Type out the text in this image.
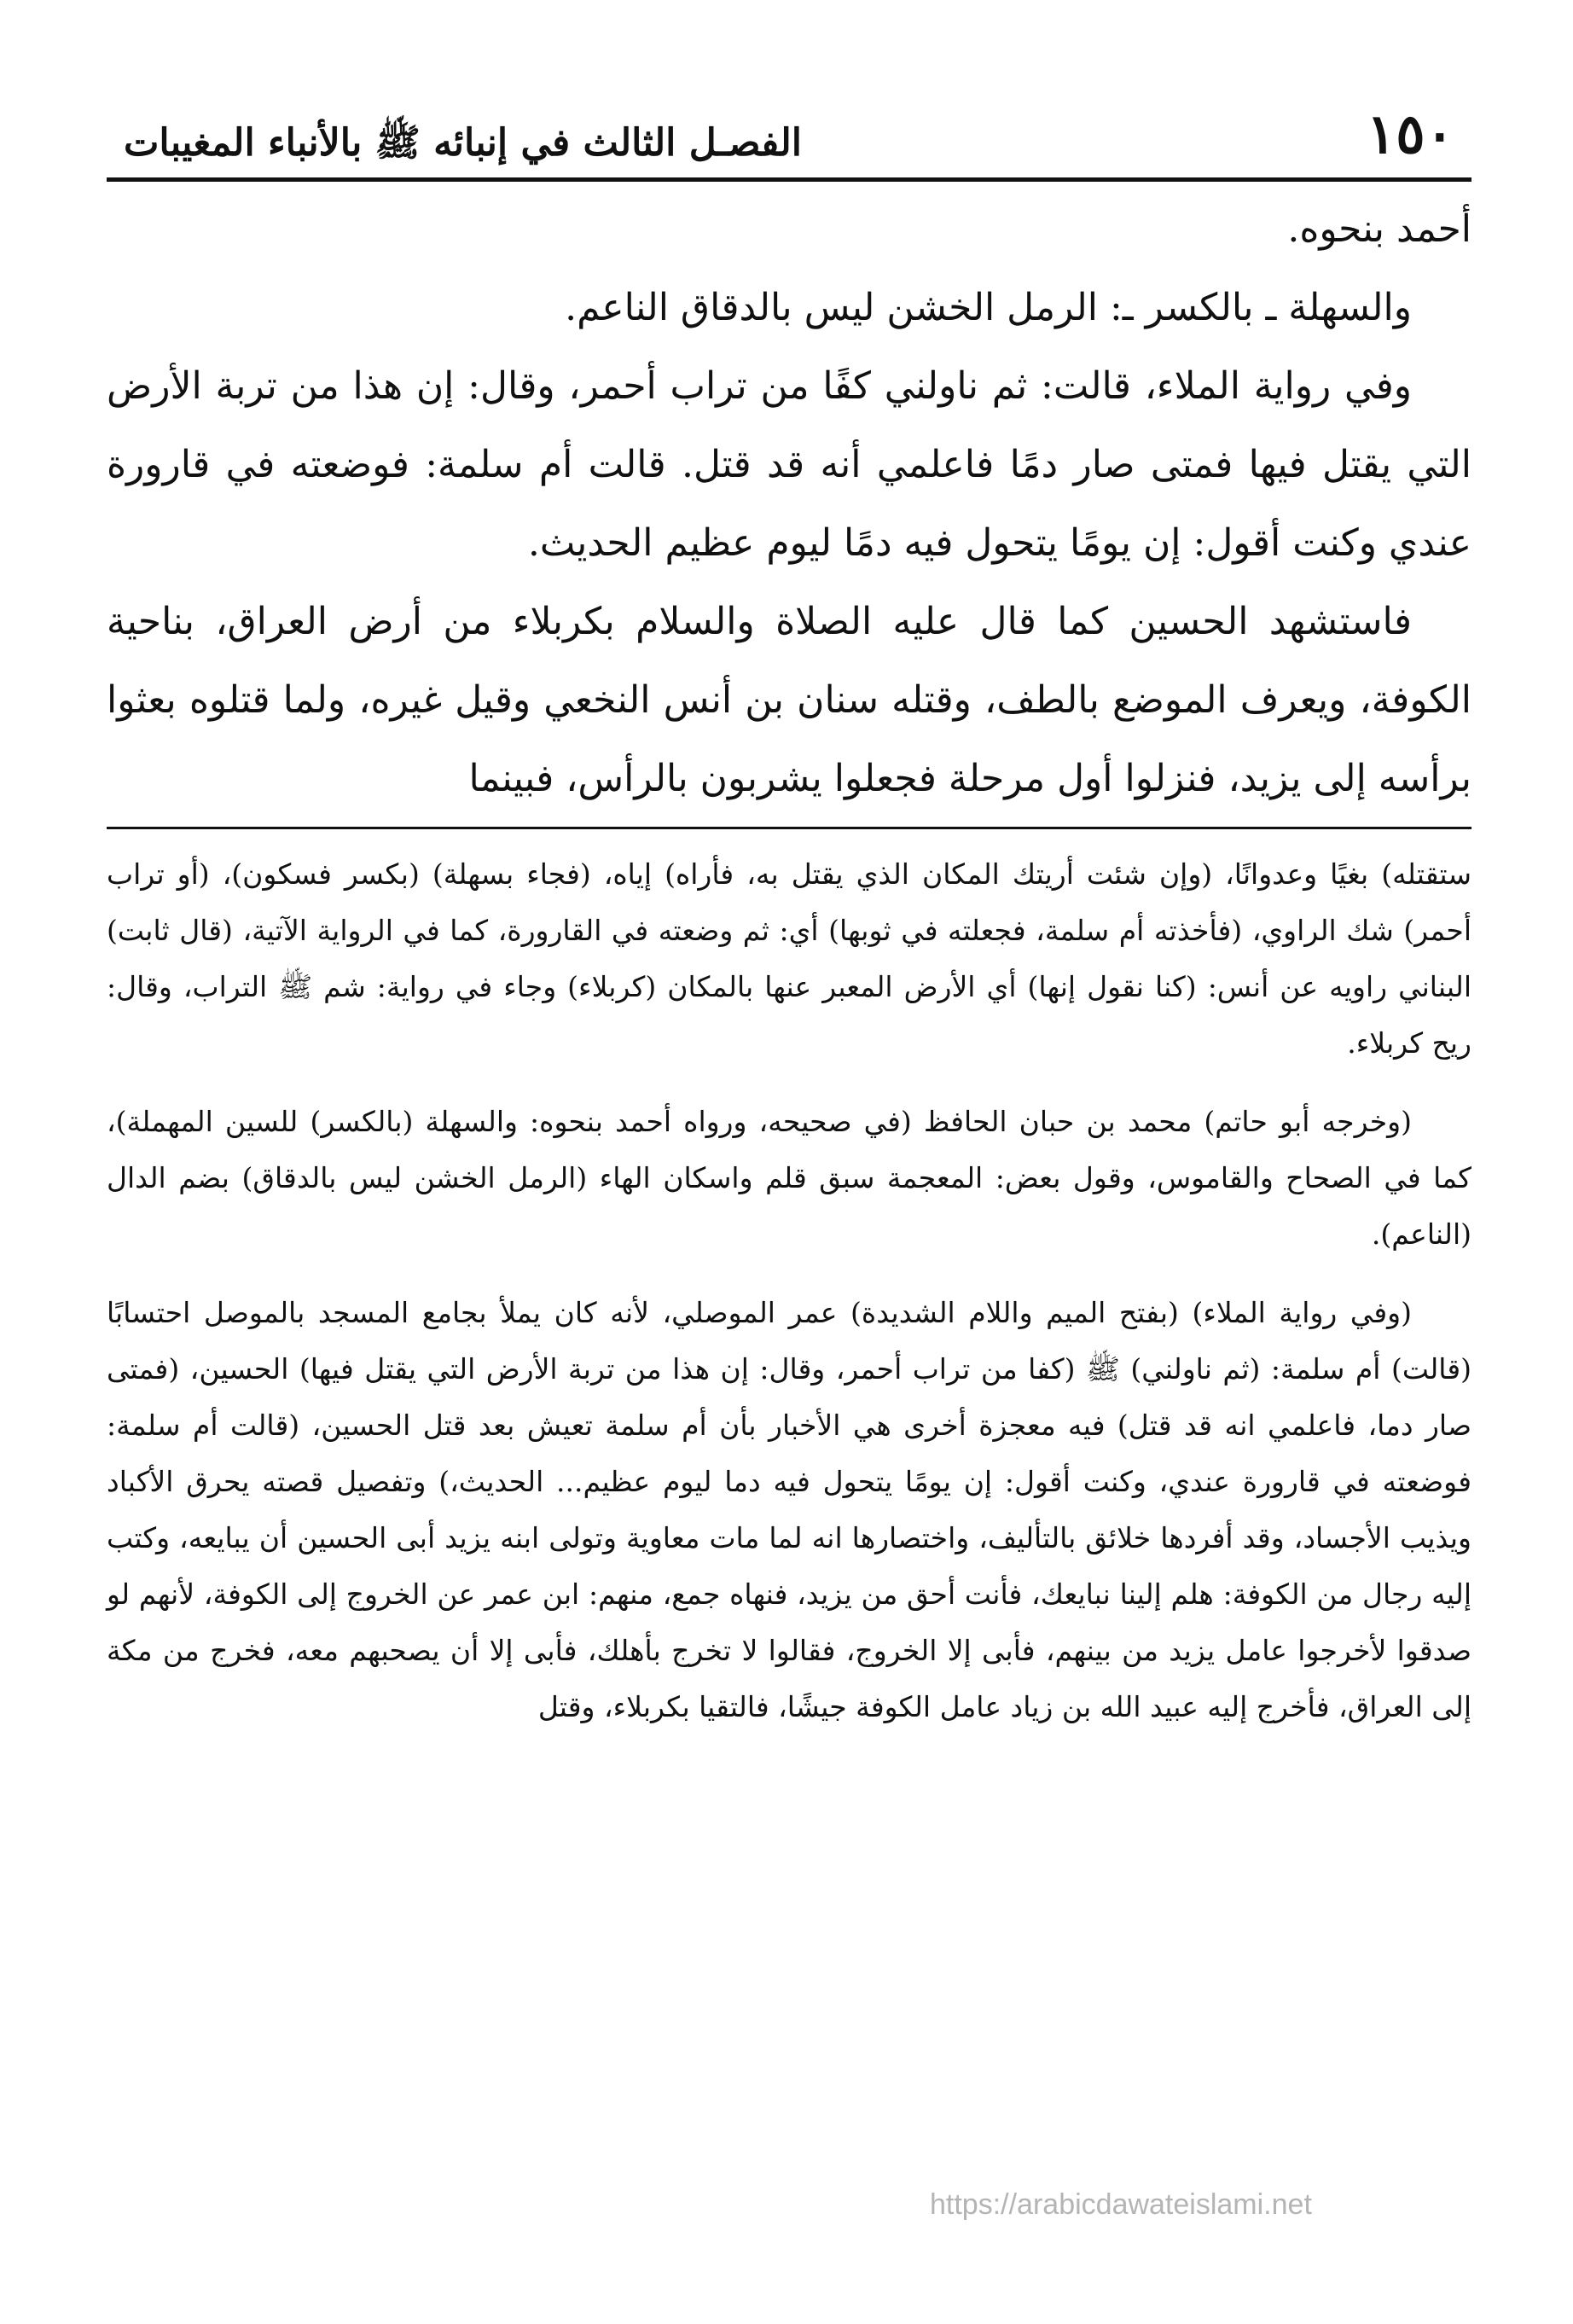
١٥٠
الفصـل الثالث في إنبائه ﷺ بالأنباء المغيبات

أحمد بنحوه.

والسهلة ـ بالكسر ـ: الرمل الخشن ليس بالدقاق الناعم.

وفي رواية الملاء، قالت: ثم ناولني كفًا من تراب أحمر، وقال: إن هذا من تربة الأرض التي يقتل فيها فمتى صار دمًا فاعلمي أنه قد قتل. قالت أم سلمة: فوضعته في قارورة عندي وكنت أقول: إن يومًا يتحول فيه دمًا ليوم عظيم الحديث.

فاستشهد الحسين كما قال عليه الصلاة والسلام بكربلاء من أرض العراق، بناحية الكوفة، ويعرف الموضع بالطف، وقتله سنان بن أنس النخعي وقيل غيره، ولما قتلوه بعثوا برأسه إلى يزيد، فنزلوا أول مرحلة فجعلوا يشربون بالرأس، فبينما

ستقتله) بغيًا وعدوانًا، (وإن شئت أريتك المكان الذي يقتل به، فأراه) إياه، (فجاء بسهلة) (بكسر فسكون)، (أو تراب أحمر) شك الراوي، (فأخذته أم سلمة، فجعلته في ثوبها) أي: ثم وضعته في القارورة، كما في الرواية الآتية، (قال ثابت) البناني راويه عن أنس: (كنا نقول إنها) أي الأرض المعبر عنها بالمكان (كربلاء) وجاء في رواية: شم ﷺ التراب، وقال: ريح كربلاء.

(وخرجه أبو حاتم) محمد بن حبان الحافظ (في صحيحه، ورواه أحمد بنحوه: والسهلة (بالكسر) للسين المهملة)، كما في الصحاح والقاموس، وقول بعض: المعجمة سبق قلم واسكان الهاء (الرمل الخشن ليس بالدقاق) بضم الدال (الناعم).

(وفي رواية الملاء) (بفتح الميم واللام الشديدة) عمر الموصلي، لأنه كان يملأ بجامع المسجد بالموصل احتسابًا (قالت) أم سلمة: (ثم ناولني) ﷺ (كفا من تراب أحمر، وقال: إن هذا من تربة الأرض التي يقتل فيها) الحسين، (فمتى صار دما، فاعلمي انه قد قتل) فيه معجزة أخرى هي الأخبار بأن أم سلمة تعيش بعد قتل الحسين، (قالت أم سلمة: فوضعته في قارورة عندي، وكنت أقول: إن يومًا يتحول فيه دما ليوم عظيم... الحديث،) وتفصيل قصته يحرق الأكباد ويذيب الأجساد، وقد أفردها خلائق بالتأليف، واختصارها انه لما مات معاوية وتولى ابنه يزيد أبى الحسين أن يبايعه، وكتب إليه رجال من الكوفة: هلم إلينا نبايعك، فأنت أحق من يزيد، فنهاه جمع، منهم: ابن عمر عن الخروج إلى الكوفة، لأنهم لو صدقوا لأخرجوا عامل يزيد من بينهم، فأبى إلا الخروج، فقالوا لا تخرج بأهلك، فأبى إلا أن يصحبهم معه، فخرج من مكة إلى العراق، فأخرج إليه عبيد الله بن زياد عامل الكوفة جيشًا، فالتقيا بكربلاء، وقتل

https://arabicdawateislami.net
